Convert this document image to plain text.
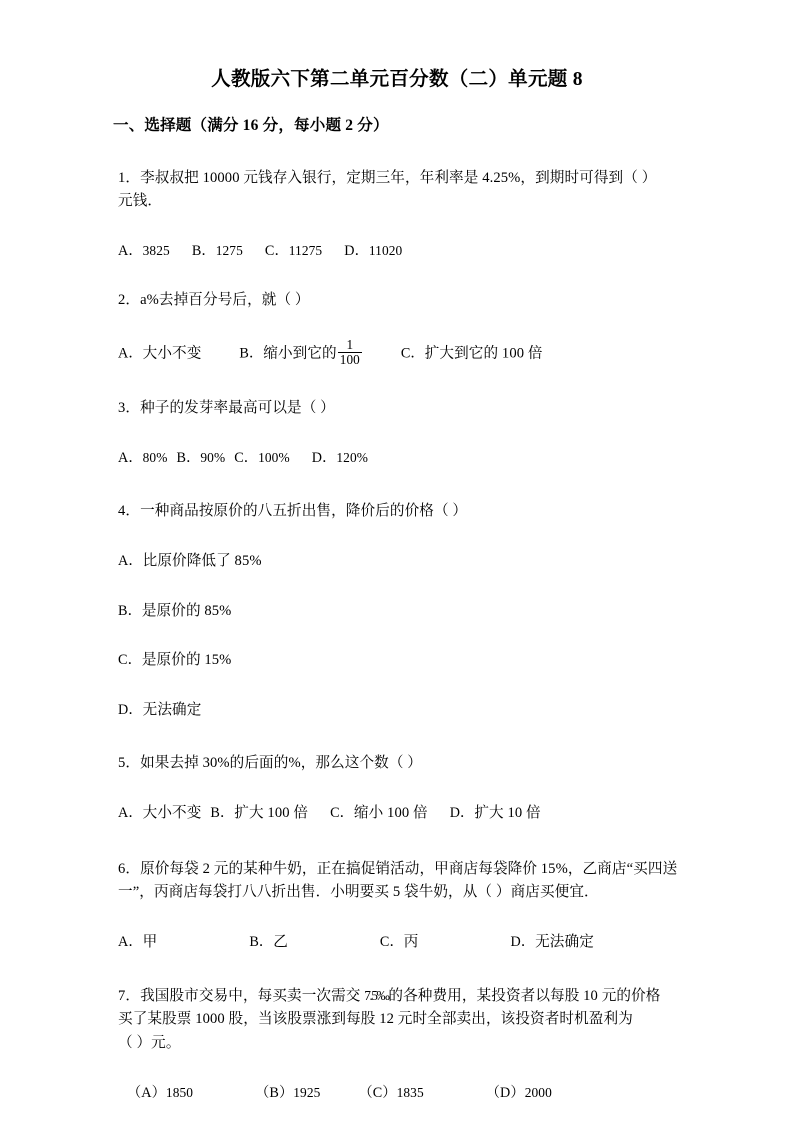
人教版六下第二单元百分数（二）单元题 8

一、选择题（满分 16 分，每小题 2 分）

1．李叔叔把 10000 元钱存入银行，定期三年，年利率是 4.25%，到期时可得到（ ）

元钱．

A．3825 B．1275 C．11275 D．11020

2．a%去掉百分号后，就（ ）

A．大小不变	B．缩小到它的 $\frac{1}{100}$	C．扩大到它的 100 倍

3．种子的发芽率最高可以是（ ）

A．80% B．90% C．100% D．120%

4．一种商品按原价的八五折出售，降价后的价格（ ）

A．比原价降低了 85%

B．是原价的 85%

C．是原价的 15%

D．无法确定

5．如果去掉 30%的后面的%，那么这个数（ ）

A．大小不变 B．扩大 100 倍 C．缩小 100 倍 D．扩大 10 倍

6．原价每袋 2 元的某种牛奶，正在搞促销活动，甲商店每袋降价 15%，乙商店“买四送

一”，丙商店每袋打八八折出售．小明要买 5 袋牛奶，从（ ）商店买便宜．

A．甲	B．乙	C．丙	D．无法确定

7．我国股市交易中，每买卖一次需交 7.5‰的各种费用，某投资者以每股 10 元的价格

买了某股票 1000 股，当该股票涨到每股 12 元时全部卖出，该投资者时机盈利为

（ ）元。

（A）1850	（B）1925	（C）1835	（D）2000
